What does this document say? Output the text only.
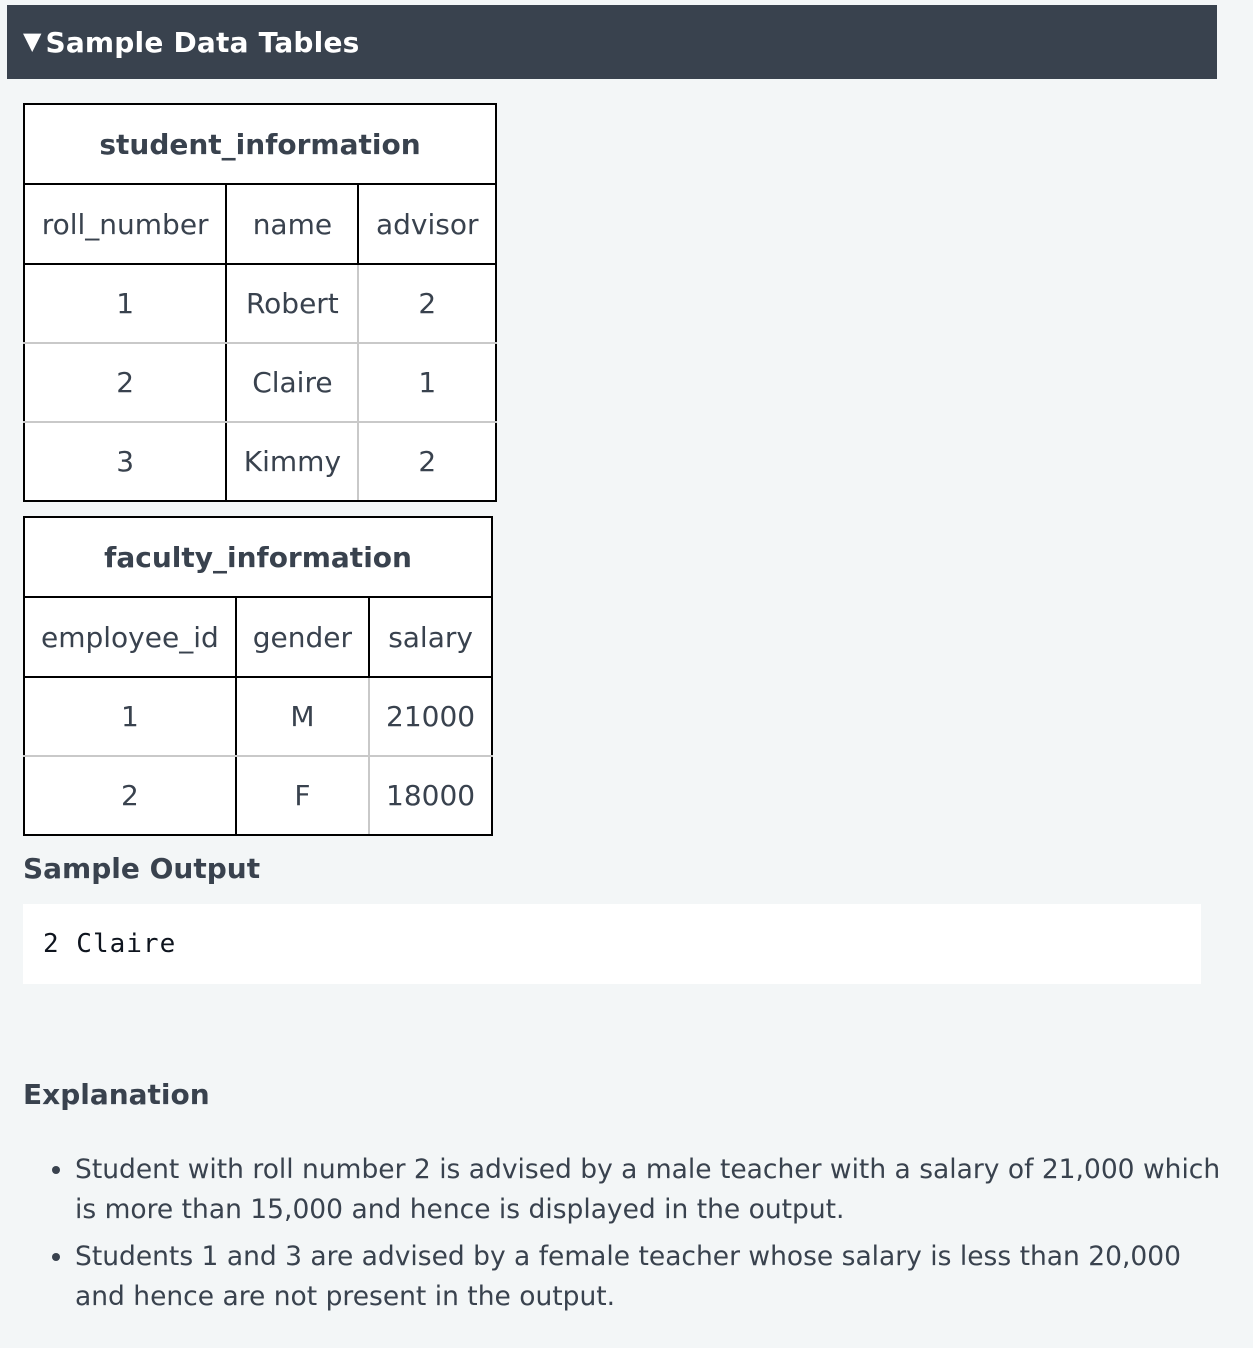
▼ Sample Data Tables
student_information		
roll_number	name	advisor
1	Robert	2
2	Claire	1
3	Kimmy	2
faculty_information		
employee_id	gender	salary
1	M	21000
2	F	18000
Sample Output
2 Claire
Explanation
• Student with roll number 2 is advised by a male teacher with a salary of 21,000 which is more than 15,000 and hence is displayed in the output.
• Students 1 and 3 are advised by a female teacher whose salary is less than 20,000 and hence are not present in the output.
